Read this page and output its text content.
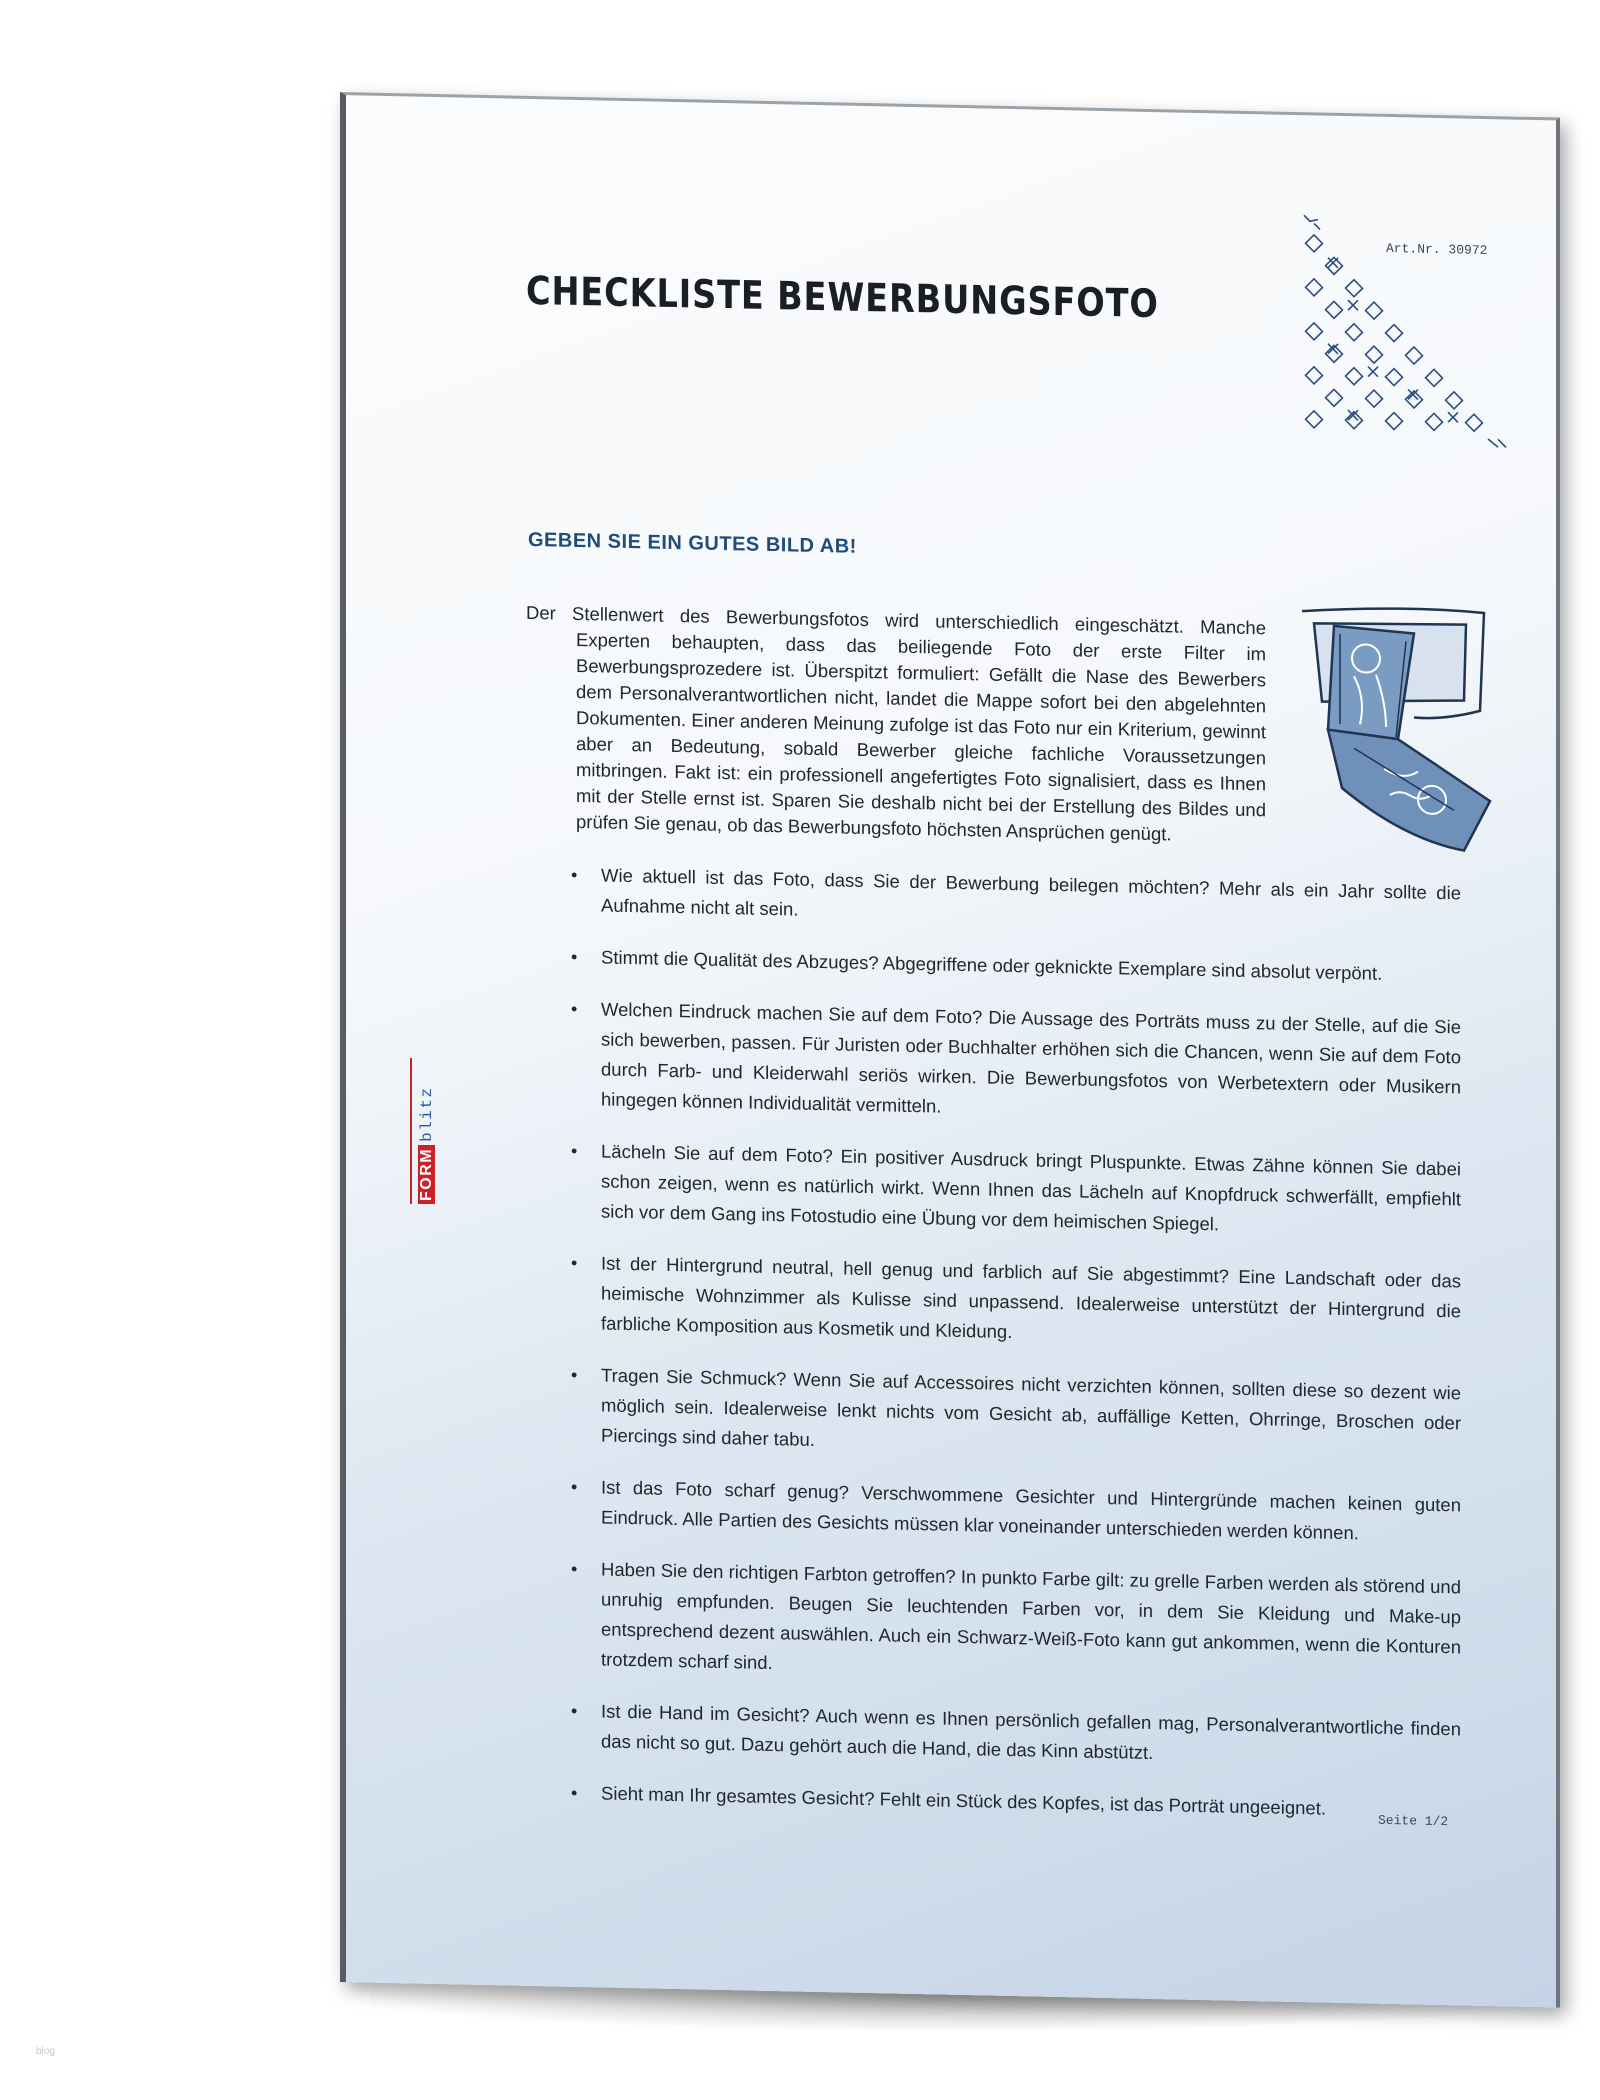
Art.Nr. 30972
CHECKLISTE BEWERBUNGSFOTO
GEBEN SIE EIN GUTES BILD AB!

Der Stellenwert des Bewerbungsfotos wird unterschiedlich eingeschätzt. Manche Experten behaupten, dass das beiliegende Foto der erste Filter im Bewerbungsprozedere ist. Überspitzt formuliert: Gefällt die Nase des Bewerbers dem Personalverantwortlichen nicht, landet die Mappe sofort bei den abgelehnten Dokumenten. Einer anderen Meinung zufolge ist das Foto nur ein Kriterium, gewinnt aber an Bedeutung, sobald Bewerber gleiche fachliche Voraussetzungen mitbringen. Fakt ist: ein professionell angefertigtes Foto signalisiert, dass es Ihnen mit der Stelle ernst ist. Sparen Sie deshalb nicht bei der Erstellung des Bildes und prüfen Sie genau, ob das Bewerbungsfoto höchsten Ansprüchen genügt.

• Wie aktuell ist das Foto, dass Sie der Bewerbung beilegen möchten? Mehr als ein Jahr sollte die Aufnahme nicht alt sein.
• Stimmt die Qualität des Abzuges? Abgegriffene oder geknickte Exemplare sind absolut verpönt.
• Welchen Eindruck machen Sie auf dem Foto? Die Aussage des Porträts muss zu der Stelle, auf die Sie sich bewerben, passen. Für Juristen oder Buchhalter erhöhen sich die Chancen, wenn Sie auf dem Foto durch Farb- und Kleiderwahl seriös wirken. Die Bewerbungsfotos von Werbetextern oder Musikern hingegen können Individualität vermitteln.
• Lächeln Sie auf dem Foto? Ein positiver Ausdruck bringt Pluspunkte. Etwas Zähne können Sie dabei schon zeigen, wenn es natürlich wirkt. Wenn Ihnen das Lächeln auf Knopfdruck schwerfällt, empfiehlt sich vor dem Gang ins Fotostudio eine Übung vor dem heimischen Spiegel.
• Ist der Hintergrund neutral, hell genug und farblich auf Sie abgestimmt? Eine Landschaft oder das heimische Wohnzimmer als Kulisse sind unpassend. Idealerweise unterstützt der Hintergrund die farbliche Komposition aus Kosmetik und Kleidung.
• Tragen Sie Schmuck? Wenn Sie auf Accessoires nicht verzichten können, sollten diese so dezent wie möglich sein. Idealerweise lenkt nichts vom Gesicht ab, auffällige Ketten, Ohrringe, Broschen oder Piercings sind daher tabu.
• Ist das Foto scharf genug? Verschwommene Gesichter und Hintergründe machen keinen guten Eindruck. Alle Partien des Gesichts müssen klar voneinander unterschieden werden können.
• Haben Sie den richtigen Farbton getroffen? In punkto Farbe gilt: zu grelle Farben werden als störend und unruhig empfunden. Beugen Sie leuchtenden Farben vor, in dem Sie Kleidung und Make-up entsprechend dezent auswählen. Auch ein Schwarz-Weiß-Foto kann gut ankommen, wenn die Konturen trotzdem scharf sind.
• Ist die Hand im Gesicht? Auch wenn es Ihnen persönlich gefallen mag, Personalverantwortliche finden das nicht so gut. Dazu gehört auch die Hand, die das Kinn abstützt.
• Sieht man Ihr gesamtes Gesicht? Fehlt ein Stück des Kopfes, ist das Porträt ungeeignet.
Seite 1/2
FORMblitz
blog
